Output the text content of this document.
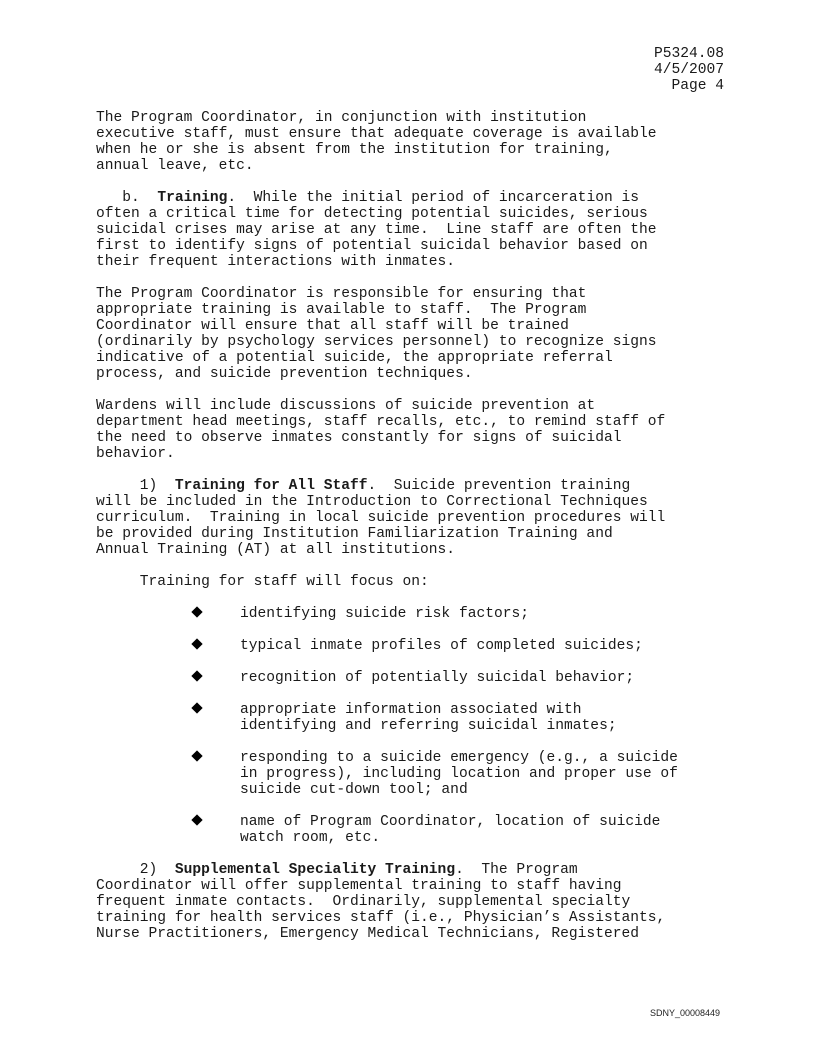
P5324.08
4/5/2007
Page 4

The Program Coordinator, in conjunction with institution
executive staff, must ensure that adequate coverage is available
when he or she is absent from the institution for training,
annual leave, etc.

b.  Training.  While the initial period of incarceration is
often a critical time for detecting potential suicides, serious
suicidal crises may arise at any time.  Line staff are often the
first to identify signs of potential suicidal behavior based on
their frequent interactions with inmates.

The Program Coordinator is responsible for ensuring that
appropriate training is available to staff.  The Program
Coordinator will ensure that all staff will be trained
(ordinarily by psychology services personnel) to recognize signs
indicative of a potential suicide, the appropriate referral
process, and suicide prevention techniques.

Wardens will include discussions of suicide prevention at
department head meetings, staff recalls, etc., to remind staff of
the need to observe inmates constantly for signs of suicidal
behavior.

1)  Training for All Staff.  Suicide prevention training
will be included in the Introduction to Correctional Techniques
curriculum.  Training in local suicide prevention procedures will
be provided during Institution Familiarization Training and
Annual Training (AT) at all institutions.

Training for staff will focus on:

identifying suicide risk factors;
typical inmate profiles of completed suicides;
recognition of potentially suicidal behavior;
appropriate information associated with
identifying and referring suicidal inmates;
responding to a suicide emergency (e.g., a suicide
in progress), including location and proper use of
suicide cut-down tool; and
name of Program Coordinator, location of suicide
watch room, etc.

2)  Supplemental Speciality Training.  The Program
Coordinator will offer supplemental training to staff having
frequent inmate contacts.  Ordinarily, supplemental specialty
training for health services staff (i.e., Physician’s Assistants,
Nurse Practitioners, Emergency Medical Technicians, Registered

SDNY_00008449
